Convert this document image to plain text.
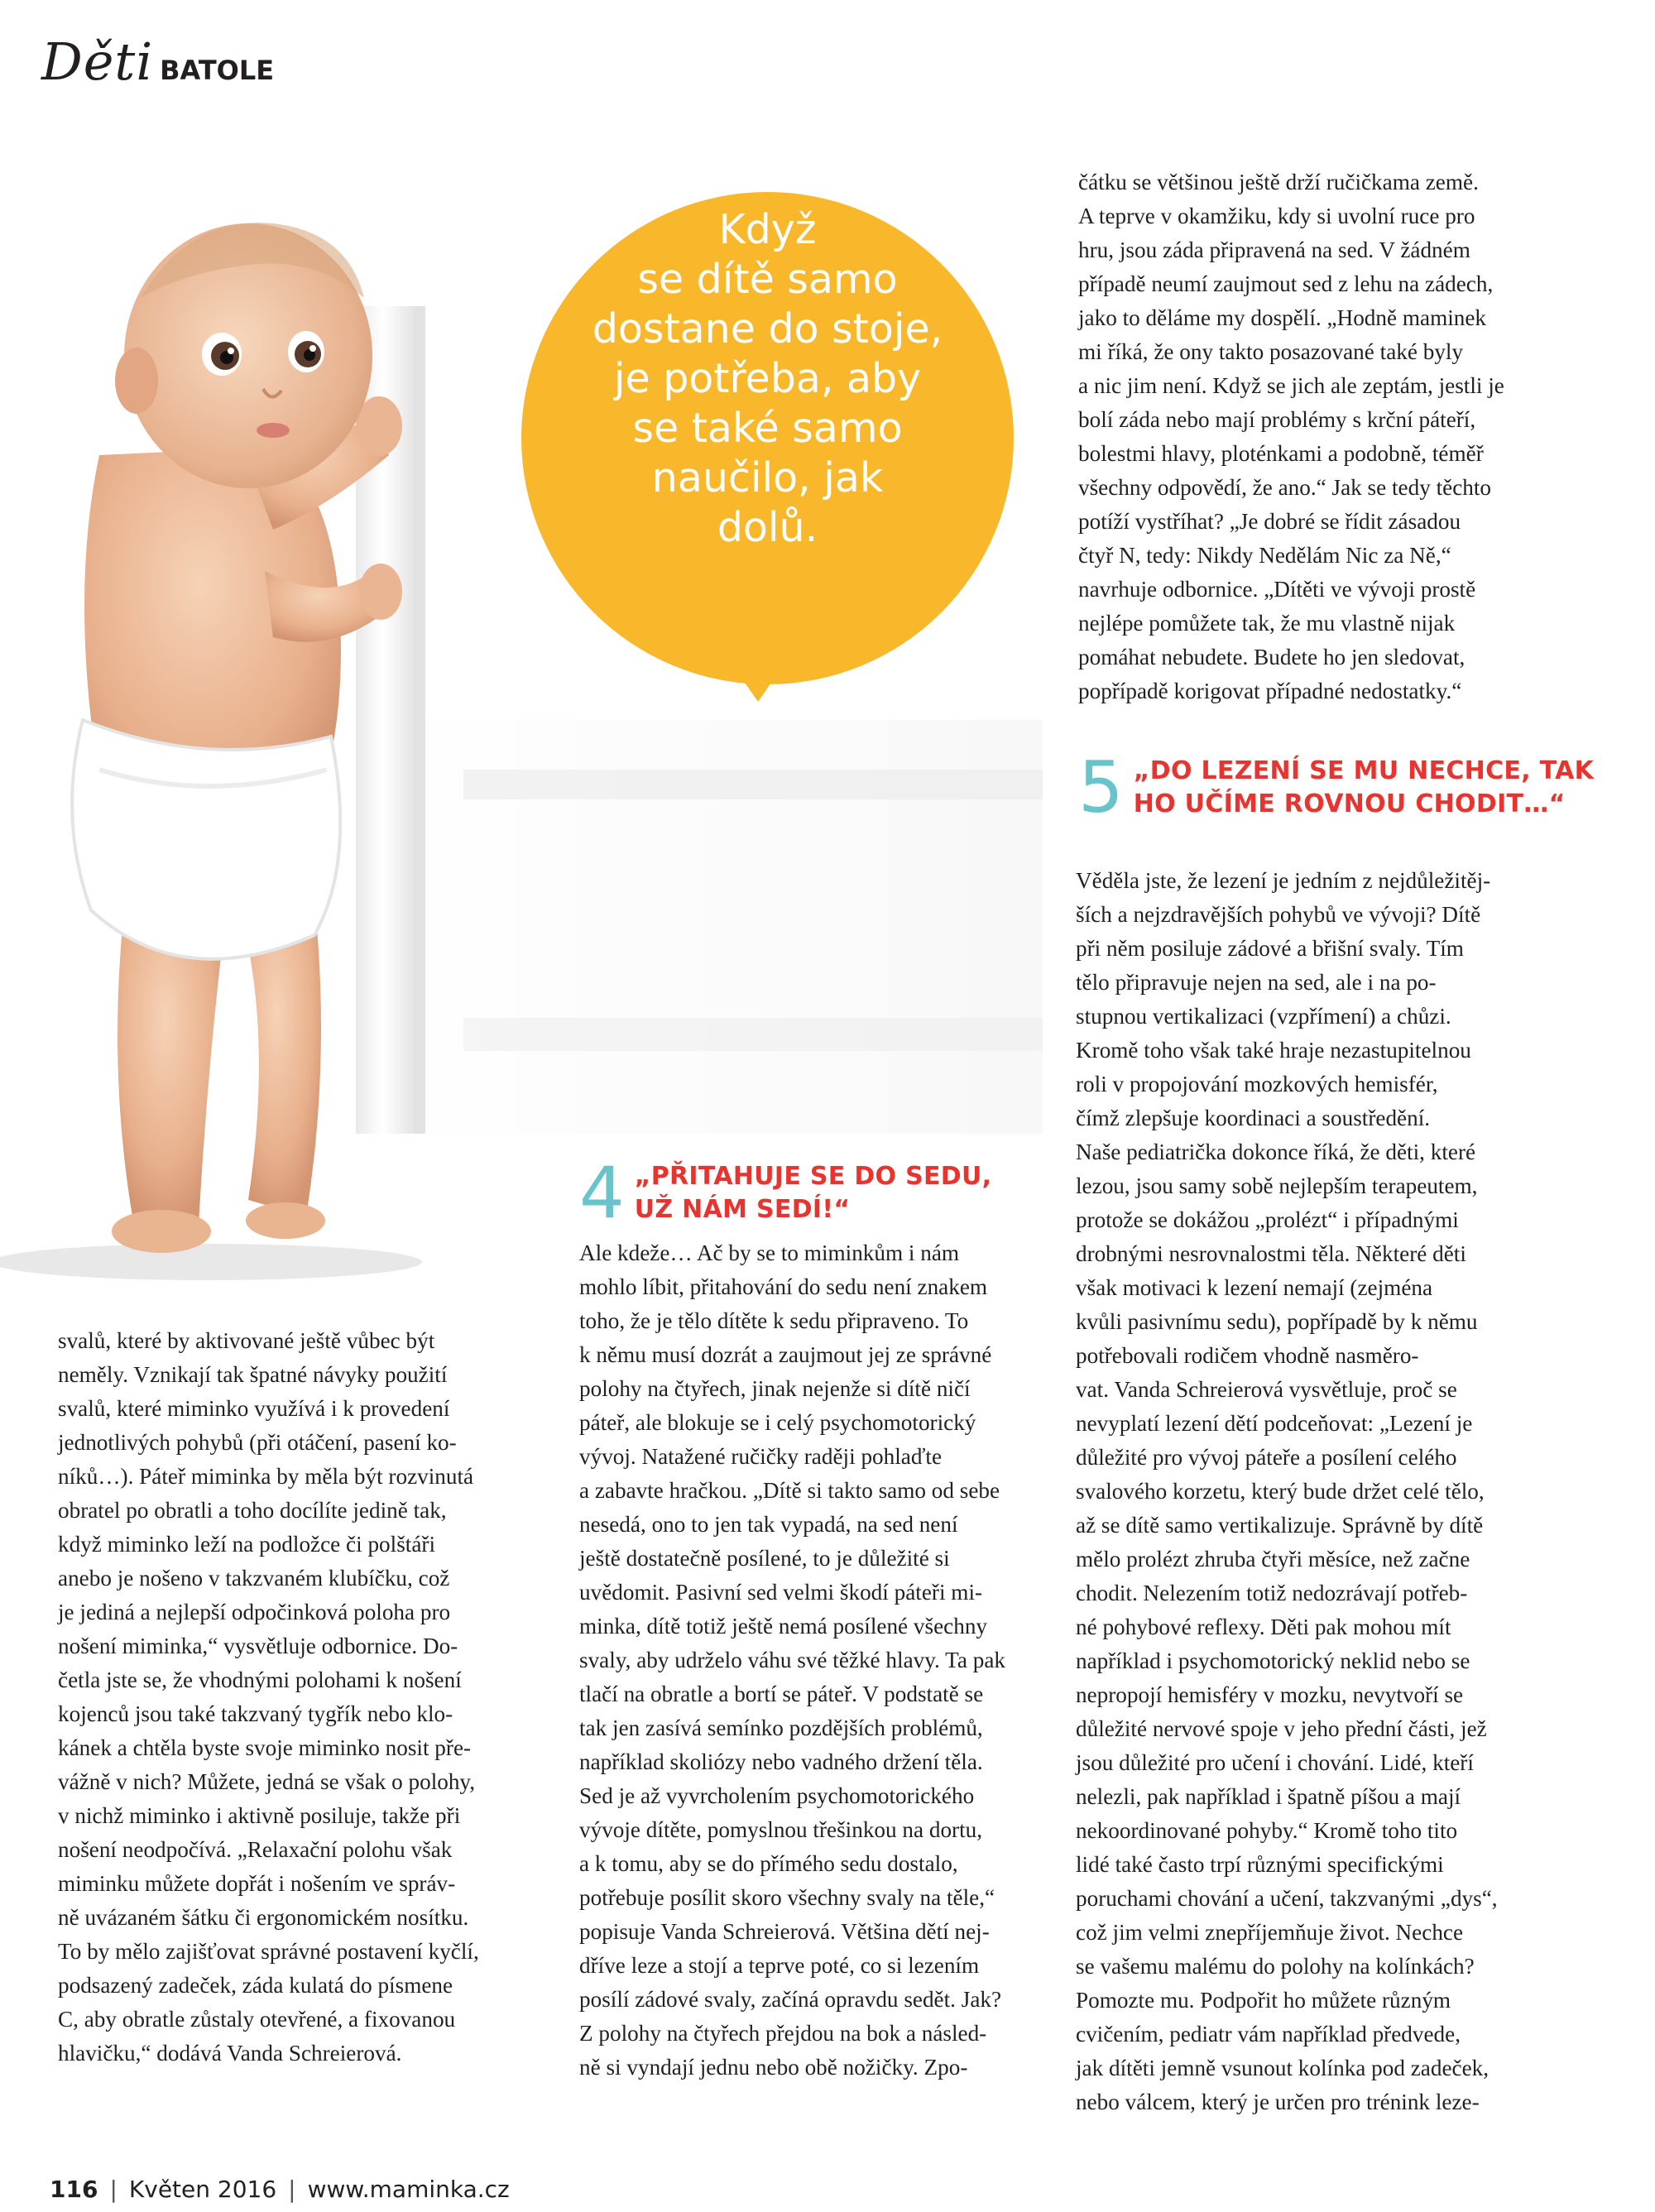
Děti BATOLE
Když
se dítě samo
dostane do stoje,
je potřeba, aby
se také samo
naučilo, jak
dolů.
čátku se většinou ještě drží ručičkama země.
A teprve v okamžiku, kdy si uvolní ruce pro
hru, jsou záda připravená na sed. V žádném
případě neumí zaujmout sed z lehu na zádech,
jako to děláme my dospělí. „Hodně maminek
mi říká, že ony takto posazované také byly
a nic jim není. Když se jich ale zeptám, jestli je
bolí záda nebo mají problémy s krční páteří,
bolestmi hlavy, ploténkami a podobně, téměř
všechny odpovědí, že ano.“ Jak se tedy těchto
potíží vystříhat? „Je dobré se řídit zásadou
čtyř N, tedy: Nikdy Nedělám Nic za Ně,“
navrhuje odbornice. „Dítěti ve vývoji prostě
nejlépe pomůžete tak, že mu vlastně nijak
pomáhat nebudete. Budete ho jen sledovat,
popřípadě korigovat případné nedostatky.“
5 „DO LEZENÍ SE MU NECHCE, TAK
HO UČÍME ROVNOU CHODIT…“
Věděla jste, že lezení je jedním z nejdůležitěj-
ších a nejzdravějších pohybů ve vývoji? Dítě
při něm posiluje zádové a břišní svaly. Tím
tělo připravuje nejen na sed, ale i na po-
stupnou vertikalizaci (vzpřímení) a chůzi.
Kromě toho však také hraje nezastupitelnou
roli v propojování mozkových hemisfér,
čímž zlepšuje koordinaci a soustředění.
Naše pediatrička dokonce říká, že děti, které
lezou, jsou samy sobě nejlepším terapeutem,
protože se dokážou „prolézt“ i případnými
drobnými nesrovnalostmi těla. Některé děti
však motivaci k lezení nemají (zejména
kvůli pasivnímu sedu), popřípadě by k němu
potřebovali rodičem vhodně nasměro-
vat. Vanda Schreierová vysvětluje, proč se
nevyplatí lezení dětí podceňovat: „Lezení je
důležité pro vývoj páteře a posílení celého
svalového korzetu, který bude držet celé tělo,
až se dítě samo vertikalizuje. Správně by dítě
mělo prolézt zhruba čtyři měsíce, než začne
chodit. Nelezením totiž nedozrávají potřeb-
né pohybové reflexy. Děti pak mohou mít
například i psychomotorický neklid nebo se
nepropojí hemisféry v mozku, nevytvoří se
důležité nervové spoje v jeho přední části, jež
jsou důležité pro učení i chování. Lidé, kteří
nelezli, pak například i špatně píšou a mají
nekoordinované pohyby.“ Kromě toho tito
lidé také často trpí různými specifickými
poruchami chování a učení, takzvanými „dys“,
což jim velmi znepříjemňuje život. Nechce
se vašemu malému do polohy na kolínkách?
Pomozte mu. Podpořit ho můžete různým
cvičením, pediatr vám například předvede,
jak dítěti jemně vsunout kolínka pod zadeček,
nebo válcem, který je určen pro trénink leze-
4 „PŘITAHUJE SE DO SEDU,
UŽ NÁM SEDÍ!“
Ale kdeže… Ač by se to miminkům i nám
mohlo líbit, přitahování do sedu není znakem
toho, že je tělo dítěte k sedu připraveno. To
k němu musí dozrát a zaujmout jej ze správné
polohy na čtyřech, jinak nejenže si dítě ničí
páteř, ale blokuje se i celý psychomotorický
vývoj. Natažené ručičky raději pohlaďte
a zabavte hračkou. „Dítě si takto samo od sebe
nesedá, ono to jen tak vypadá, na sed není
ještě dostatečně posílené, to je důležité si
uvědomit. Pasivní sed velmi škodí páteři mi-
minka, dítě totiž ještě nemá posílené všechny
svaly, aby udrželo váhu své těžké hlavy. Ta pak
tlačí na obratle a bortí se páteř. V podstatě se
tak jen zasívá semínko pozdějších problémů,
například skoliózy nebo vadného držení těla.
Sed je až vyvrcholením psychomotorického
vývoje dítěte, pomyslnou třešinkou na dortu,
a k tomu, aby se do přímého sedu dostalo,
potřebuje posílit skoro všechny svaly na těle,“
popisuje Vanda Schreierová. Většina dětí nej-
dříve leze a stojí a teprve poté, co si lezením
posílí zádové svaly, začíná opravdu sedět. Jak?
Z polohy na čtyřech přejdou na bok a násled-
ně si vyndají jednu nebo obě nožičky. Zpo-
svalů, které by aktivované ještě vůbec být
neměly. Vznikají tak špatné návyky použití
svalů, které miminko využívá i k provedení
jednotlivých pohybů (při otáčení, pasení ko-
níků…). Páteř miminka by měla být rozvinutá
obratel po obratli a toho docílíte jedině tak,
když miminko leží na podložce či polštáři
anebo je nošeno v takzvaném klubíčku, což
je jediná a nejlepší odpočinková poloha pro
nošení miminka,“ vysvětluje odbornice. Do-
četla jste se, že vhodnými polohami k nošení
kojenců jsou také takzvaný tygřík nebo klo-
kánek a chtěla byste svoje miminko nosit pře-
vážně v nich? Můžete, jedná se však o polohy,
v nichž miminko i aktivně posiluje, takže při
nošení neodpočívá. „Relaxační polohu však
miminku můžete dopřát i nošením ve správ-
ně uvázaném šátku či ergonomickém nosítku.
To by mělo zajišťovat správné postavení kyčlí,
podsazený zadeček, záda kulatá do písmene
C, aby obratle zůstaly otevřené, a fixovanou
hlavičku,“ dodává Vanda Schreierová.
116 | Květen 2016 | www.maminka.cz
